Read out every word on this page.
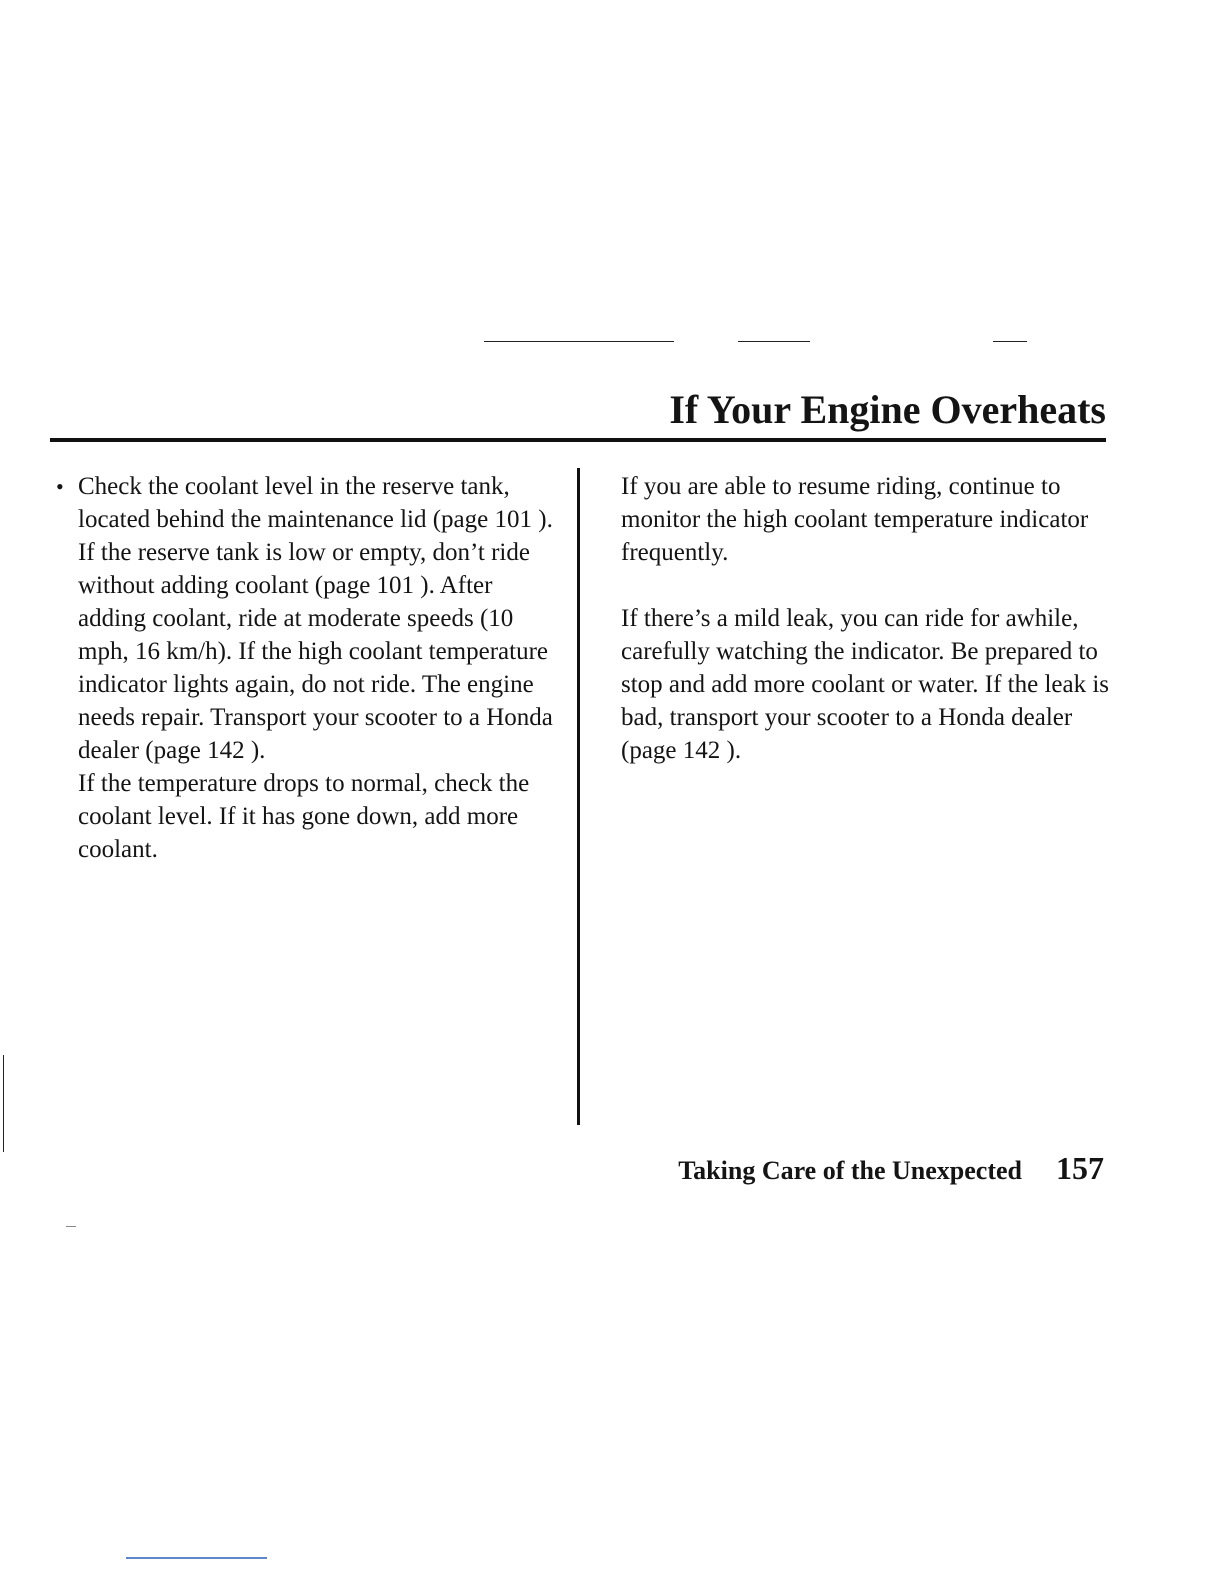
If Your Engine Overheats
• Check the coolant level in the reserve tank, located behind the maintenance lid (page 101 ).

If the reserve tank is low or empty, don’t ride without adding coolant (page 101 ). After adding coolant, ride at moderate speeds (10 mph, 16 km/h). If the high coolant temperature indicator lights again, do not ride. The engine needs repair. Transport your scooter to a Honda dealer (page 142 ).

If the temperature drops to normal, check the coolant level. If it has gone down, add more coolant.

If you are able to resume riding, continue to monitor the high coolant temperature indicator frequently.

If there’s a mild leak, you can ride for awhile, carefully watching the indicator. Be prepared to stop and add more coolant or water. If the leak is bad, transport your scooter to a Honda dealer (page 142 ).

Taking Care of the Unexpected 157
